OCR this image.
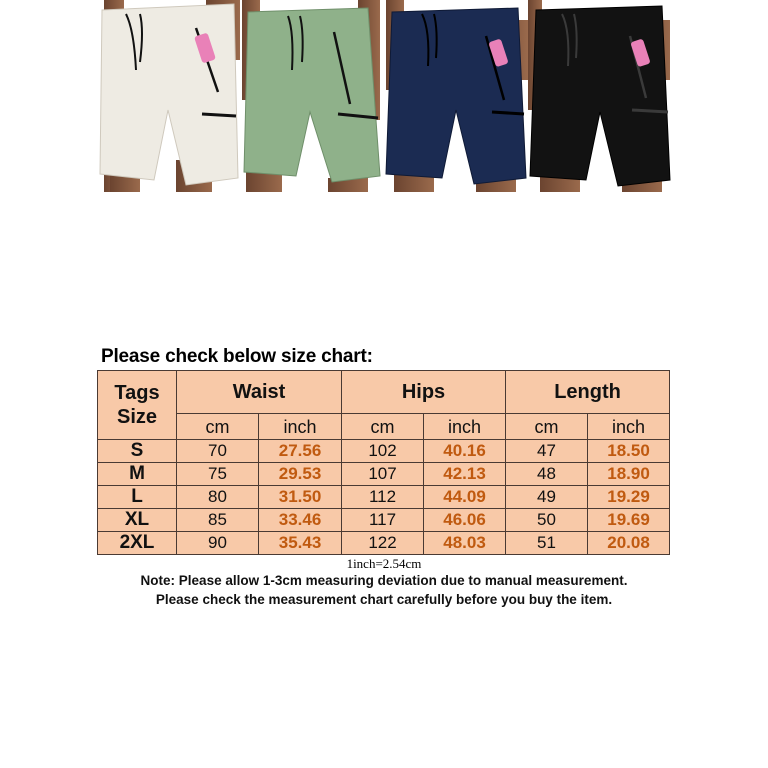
Please check below size chart:
Tags
Size	Waist		Hips		Length	
	cm	inch	cm	inch	cm	inch
S	70	27.56	102	40.16	47	18.50
M	75	29.53	107	42.13	48	18.90
L	80	31.50	112	44.09	49	19.29
XL	85	33.46	117	46.06	50	19.69
2XL	90	35.43	122	48.03	51	20.08
1inch=2.54cm
Note: Please allow 1-3cm measuring deviation due to manual measurement.
Please check the measurement chart carefully before you buy the item.
